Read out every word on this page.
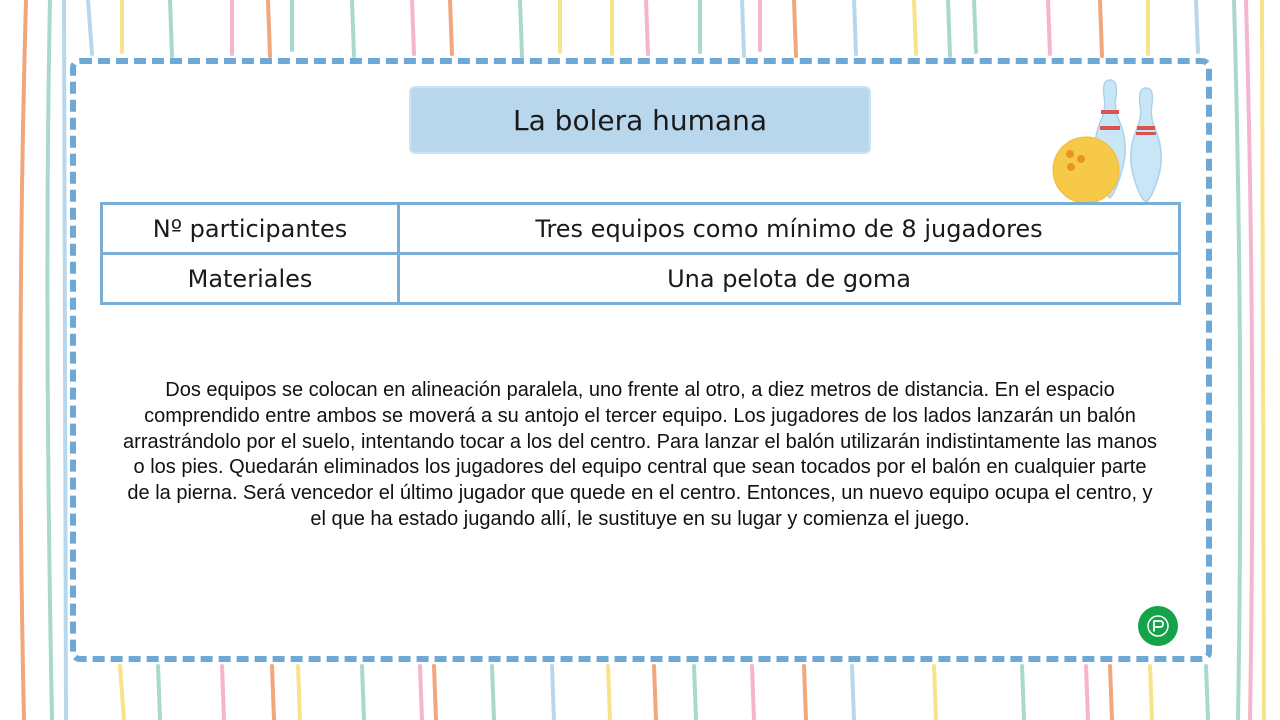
La bolera humana
Nº participantes	Tres equipos como mínimo de 8 jugadores
Materiales	Una pelota de goma

Dos equipos se colocan en alineación paralela, uno frente al otro, a diez metros de distancia. En el espacio comprendido entre ambos se moverá a su antojo el tercer equipo. Los jugadores de los lados lanzarán un balón arrastrándolo por el suelo, intentando tocar a los del centro. Para lanzar el balón utilizarán indistintamente las manos o los pies. Quedarán eliminados los jugadores del equipo central que sean tocados por el balón en cualquier parte de la pierna. Será vencedor el último jugador que quede en el centro. Entonces, un nuevo equipo ocupa el centro, y el que ha estado jugando allí, le sustituye en su lugar y comienza el juego.
